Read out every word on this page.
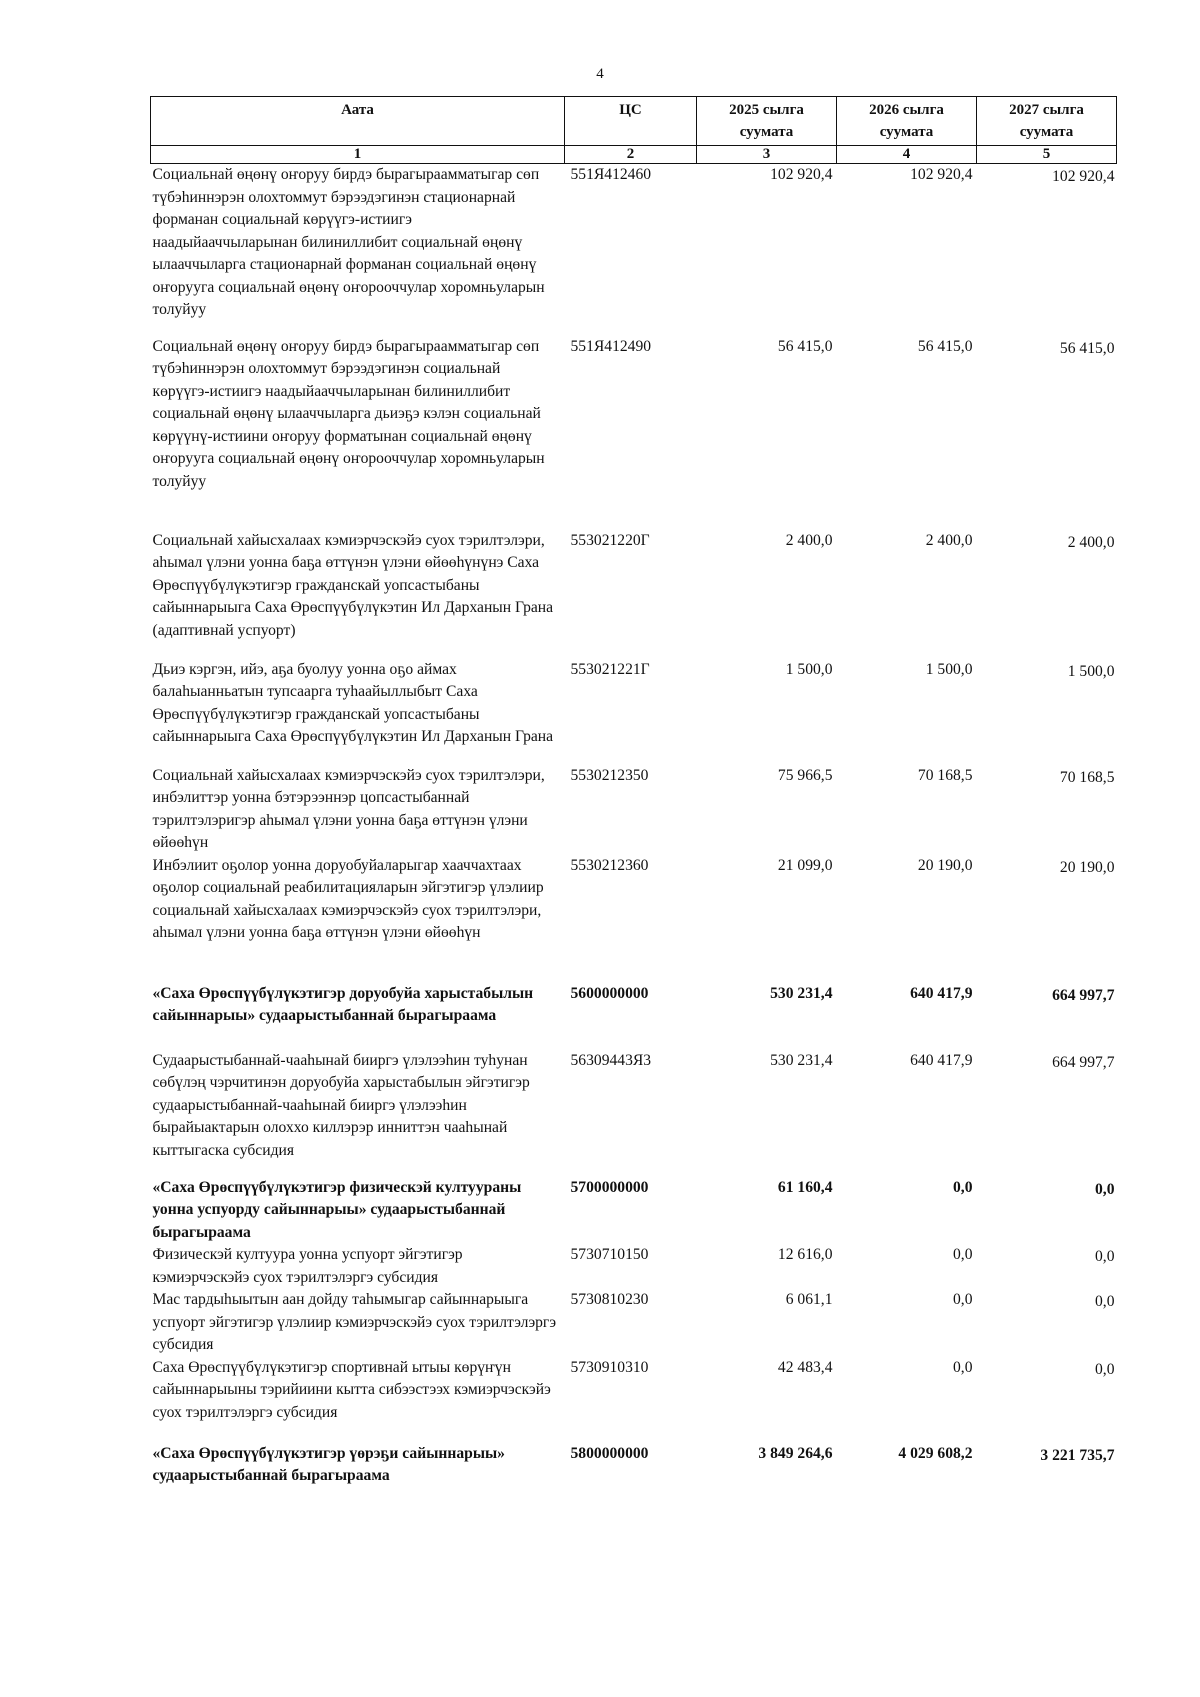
4
Аата	ЦС	2025 сылга суумата	2026 сылга суумата	2027 сылга суумата
1	2	3	4	5
Социальнай өңөнү оҥоруу бирдэ бырагыраамматыгар сөп түбэһиннэрэн олохтоммут бэрээдэгинэн стационарнай форманан социальнай көрүүгэ-истиигэ наадыйааччыларынан билиниллибит социальнай өңөнү ылааччыларга стационарнай форманан социальнай өңөнү оҥорууга социальнай өңөнү оҥорооччулар хоромньуларын толуйуу	551Я412460	102 920,4	102 920,4	102 920,4
Социальнай өңөнү оҥоруу бирдэ бырагыраамматыгар сөп түбэһиннэрэн олохтоммут бэрээдэгинэн социальнай көрүүгэ-истиигэ наадыйааччыларынан билиниллибит социальнай өңөнү ылааччыларга дьиэҕэ кэлэн социальнай көрүүнү-истиини оҥоруу форматынан социальнай өңөнү оҥорууга социальнай өңөнү оҥорооччулар хоромньуларын толуйуу	551Я412490	56 415,0	56 415,0	56 415,0
Социальнай хайысхалаах кэмиэрчэскэйэ суох тэрилтэлэри, аһымал үлэни уонна баҕа өттүнэн үлэни өйөөһүнүнэ Саха Өрөспүүбүлүкэтигэр гражданскай уопсастыбаны сайыннарыыга Саха Өрөспүүбүлүкэтин Ил Дарханын Грана (адаптивнай успуорт)	553021220Г	2 400,0	2 400,0	2 400,0
Дьиэ кэргэн, ийэ, аҕа буолуу уонна оҕо аймах балаһыанньатын тупсаарга туһаайыллыбыт Саха Өрөспүүбүлүкэтигэр гражданскай уопсастыбаны сайыннарыыга Саха Өрөспүүбүлүкэтин Ил Дарханын Грана	553021221Г	1 500,0	1 500,0	1 500,0
Социальнай хайысхалаах кэмиэрчэскэйэ суох тэрилтэлэри, инбэлиттэр уонна бэтэрээннэр цопсастыбаннай тэрилтэлэригэр аһымал үлэни уонна баҕа өттүнэн үлэни өйөөһүн	5530212350	75 966,5	70 168,5	70 168,5
Инбэлиит оҕолор уонна доруобуйаларыгар хааччахтаах оҕолор социальнай реабилитацияларын эйгэтигэр үлэлиир социальнай хайысхалаах кэмиэрчэскэйэ суох тэрилтэлэри, аһымал үлэни уонна баҕа өттүнэн үлэни өйөөһүн	5530212360	21 099,0	20 190,0	20 190,0
«Саха Өрөспүүбүлүкэтигэр доруобуйа харыстабылын сайыннарыы» судаарыстыбаннай бырагыраама	5600000000	530 231,4	640 417,9	664 997,7
Судаарыстыбаннай-чааһынай бииргэ үлэлээһин туһунан сөбүлэң чэрчитинэн доруобуйа харыстабылын эйгэтигэр судаарыстыбаннай-чааһынай бииргэ үлэлээһин бырайыактарын олоххо киллэрэр инниттэн чааһынай кыттыгаска субсидия	56309443Я3	530 231,4	640 417,9	664 997,7
«Саха Өрөспүүбүлүкэтигэр физическэй култуураны уонна успуорду сайыннарыы» судаарыстыбаннай бырагыраама	5700000000	61 160,4	0,0	0,0
Физическэй култуура уонна успуорт эйгэтигэр кэмиэрчэскэйэ суох тэрилтэлэргэ субсидия	5730710150	12 616,0	0,0	0,0
Мас тардыһыытын аан дойду таһымыгар сайыннарыыга успуорт эйгэтигэр үлэлиир кэмиэрчэскэйэ суох тэрилтэлэргэ субсидия	5730810230	6 061,1	0,0	0,0
Саха Өрөспүүбүлүкэтигэр спортивнай ытыы көрүҥүн сайыннарыыны тэрийиини кытта сибээстээх кэмиэрчэскэйэ суох тэрилтэлэргэ субсидия	5730910310	42 483,4	0,0	0,0
«Саха Өрөспүүбүлүкэтигэр үөрэҕи сайыннарыы» судаарыстыбаннай бырагыраама	5800000000	3 849 264,6	4 029 608,2	3 221 735,7
